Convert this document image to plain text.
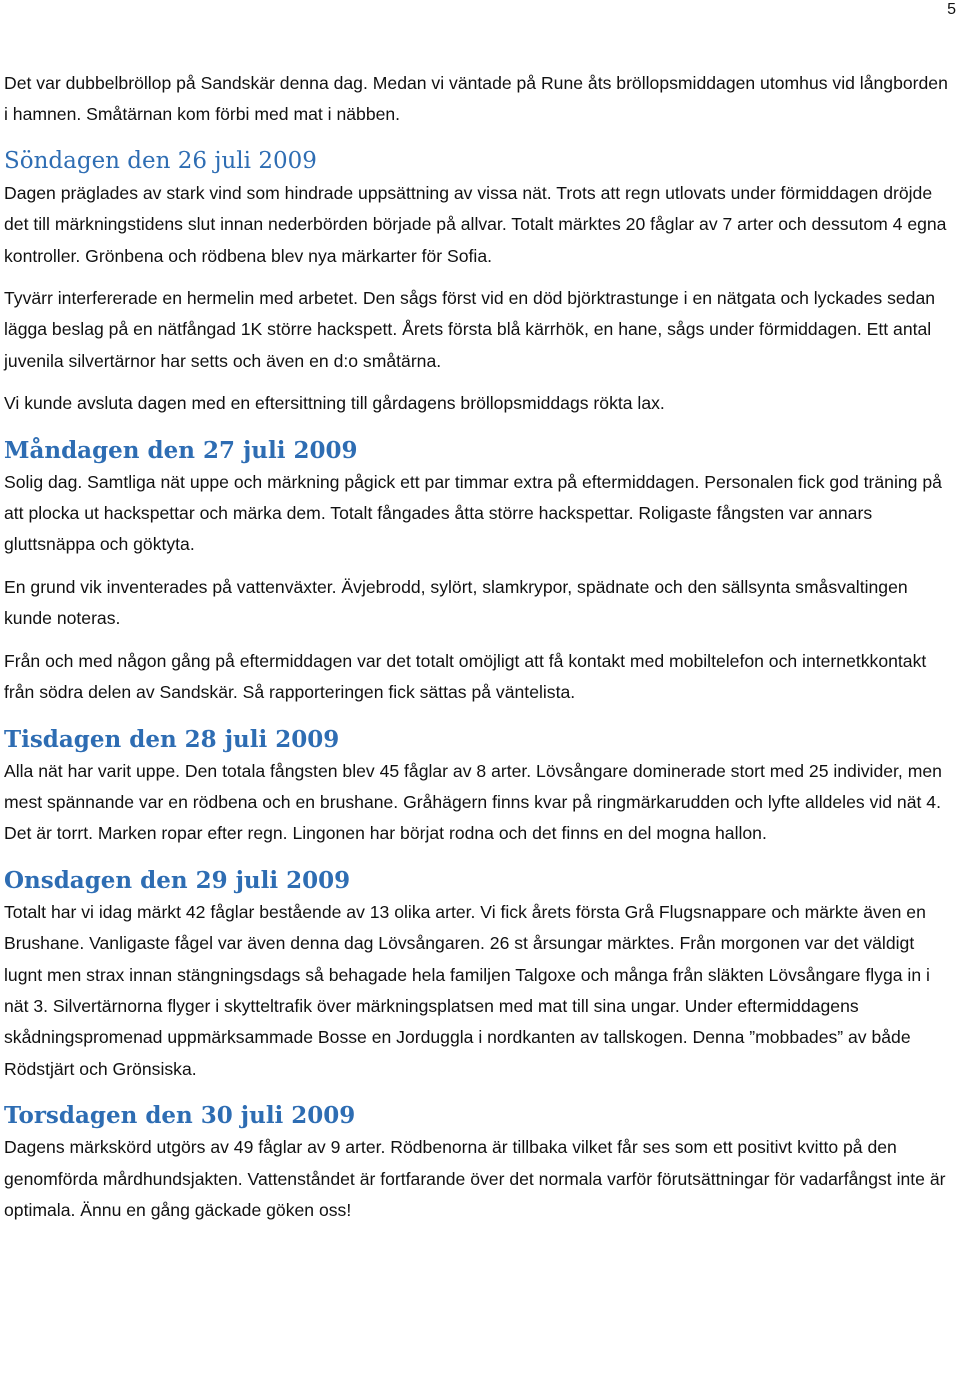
5

Det var dubbelbröllop på Sandskär denna dag. Medan vi väntade på Rune åts bröllopsmiddagen utomhus vid långborden i hamnen. Småtärnan kom förbi med mat i näbben.

Söndagen den 26 juli 2009

Dagen präglades av stark vind som hindrade uppsättning av vissa nät. Trots att regn utlovats under förmiddagen dröjde det till märkningstidens slut innan nederbörden började på allvar. Totalt märktes 20 fåglar av 7 arter och dessutom 4 egna kontroller. Grönbena och rödbena blev nya märkarter för Sofia.

Tyvärr interfererade en hermelin med arbetet. Den sågs först vid en död björktrastunge i en nätgata och lyckades sedan lägga beslag på en nätfångad 1K större hackspett. Årets första blå kärrhök, en hane, sågs under förmiddagen. Ett antal juvenila silvertärnor har setts och även en d:o småtärna.

Vi kunde avsluta dagen med en eftersittning till gårdagens bröllopsmiddags rökta lax.

Måndagen den 27 juli 2009

Solig dag. Samtliga nät uppe och märkning pågick ett par timmar extra på eftermiddagen. Personalen fick god träning på att plocka ut hackspettar och märka dem. Totalt fångades åtta större hackspettar. Roligaste fångsten var annars gluttsnäppa och göktyta.

En grund vik inventerades på vattenväxter. Ävjebrodd, sylört, slamkrypor, spädnate och den sällsynta småsvaltingen kunde noteras.

Från och med någon gång på eftermiddagen var det totalt omöjligt att få kontakt med mobiltelefon och internetkkontakt från södra delen av Sandskär. Så rapporteringen fick sättas på väntelista.

Tisdagen den 28 juli 2009

Alla nät har varit uppe. Den totala fångsten blev 45 fåglar av 8 arter. Lövsångare dominerade stort med 25 individer, men mest spännande var en rödbena och en brushane. Gråhägern finns kvar på ringmärkarudden och lyfte alldeles vid nät 4. Det är torrt. Marken ropar efter regn. Lingonen har börjat rodna och det finns en del mogna hallon.

Onsdagen den 29 juli 2009

Totalt har vi idag märkt 42 fåglar bestående av 13 olika arter. Vi fick årets första Grå Flugsnappare och märkte även en Brushane. Vanligaste fågel var även denna dag Lövsångaren. 26 st årsungar märktes. Från morgonen var det väldigt lugnt men strax innan stängningsdags så behagade hela familjen Talgoxe och många från släkten Lövsångare flyga in i nät 3. Silvertärnorna flyger i skytteltrafik över märkningsplatsen med mat till sina ungar. Under eftermiddagens skådningspromenad uppmärksammade Bosse en Jorduggla i nordkanten av tallskogen. Denna ”mobbades” av både Rödstjärt och Grönsiska.

Torsdagen den 30 juli 2009

Dagens märkskörd utgörs av 49 fåglar av 9 arter. Rödbenorna är tillbaka vilket får ses som ett positivt kvitto på den genomförda mårdhundsjakten. Vattenståndet är fortfarande över det normala varför förutsättningar för vadarfångst inte är optimala. Ännu en gång gäckade göken oss!
